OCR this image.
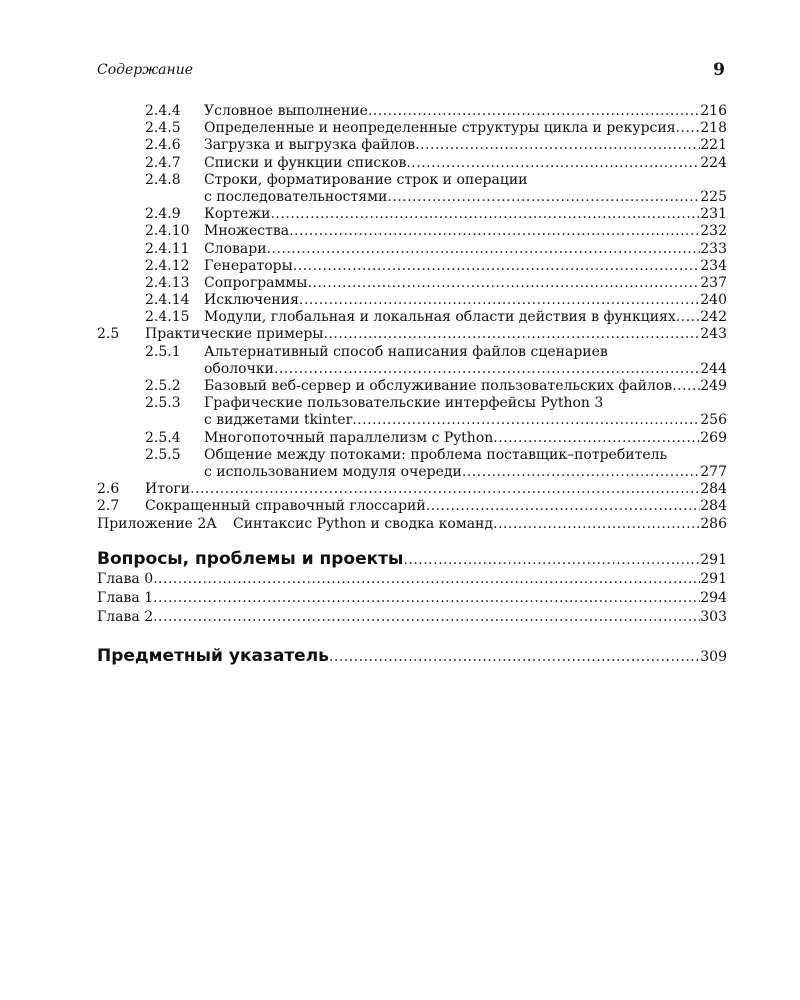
Содержание	9
2.4.4 Условное выполнение .....	216
2.4.5 Определенные и неопределенные структуры цикла и рекурсия ..... 218
2.4.6 Загрузка и выгрузка файлов .....	221
2.4.7 Списки и функции списков .....	224
2.4.8 Строки, форматирование строк и операции
с последовательностями .....	225
2.4.9 Кортежи .....	231
2.4.10 Множества .....	232
2.4.11 Словари .....	233
2.4.12 Генераторы .....	234
2.4.13 Сопрограммы .....	237
2.4.14 Исключения .....	240
2.4.15 Модули, глобальная и локальная области действия в функциях ..... 242
2.5 Практические примеры .....	243
2.5.1 Альтернативный способ написания файлов сценариев
оболочки .....	244
2.5.2 Базовый веб-сервер и обслуживание пользовательских файлов ..... 249
2.5.3 Графические пользовательские интерфейсы Python 3
с виджетами tkinter .....	256
2.5.4 Многопоточный параллелизм с Python .....	269
2.5.5 Общение между потоками: проблема поставщик–потребитель
с использованием модуля очереди .....	277
2.6 Итоги .....	284
2.7 Сокращенный справочный глоссарий .....	284
Приложение 2А Синтаксис Python и сводка команд .....	286
Вопросы, проблемы и проекты .....	291
Глава 0 .....	291
Глава 1 .....	294
Глава 2 .....	303
Предметный указатель .....	309
